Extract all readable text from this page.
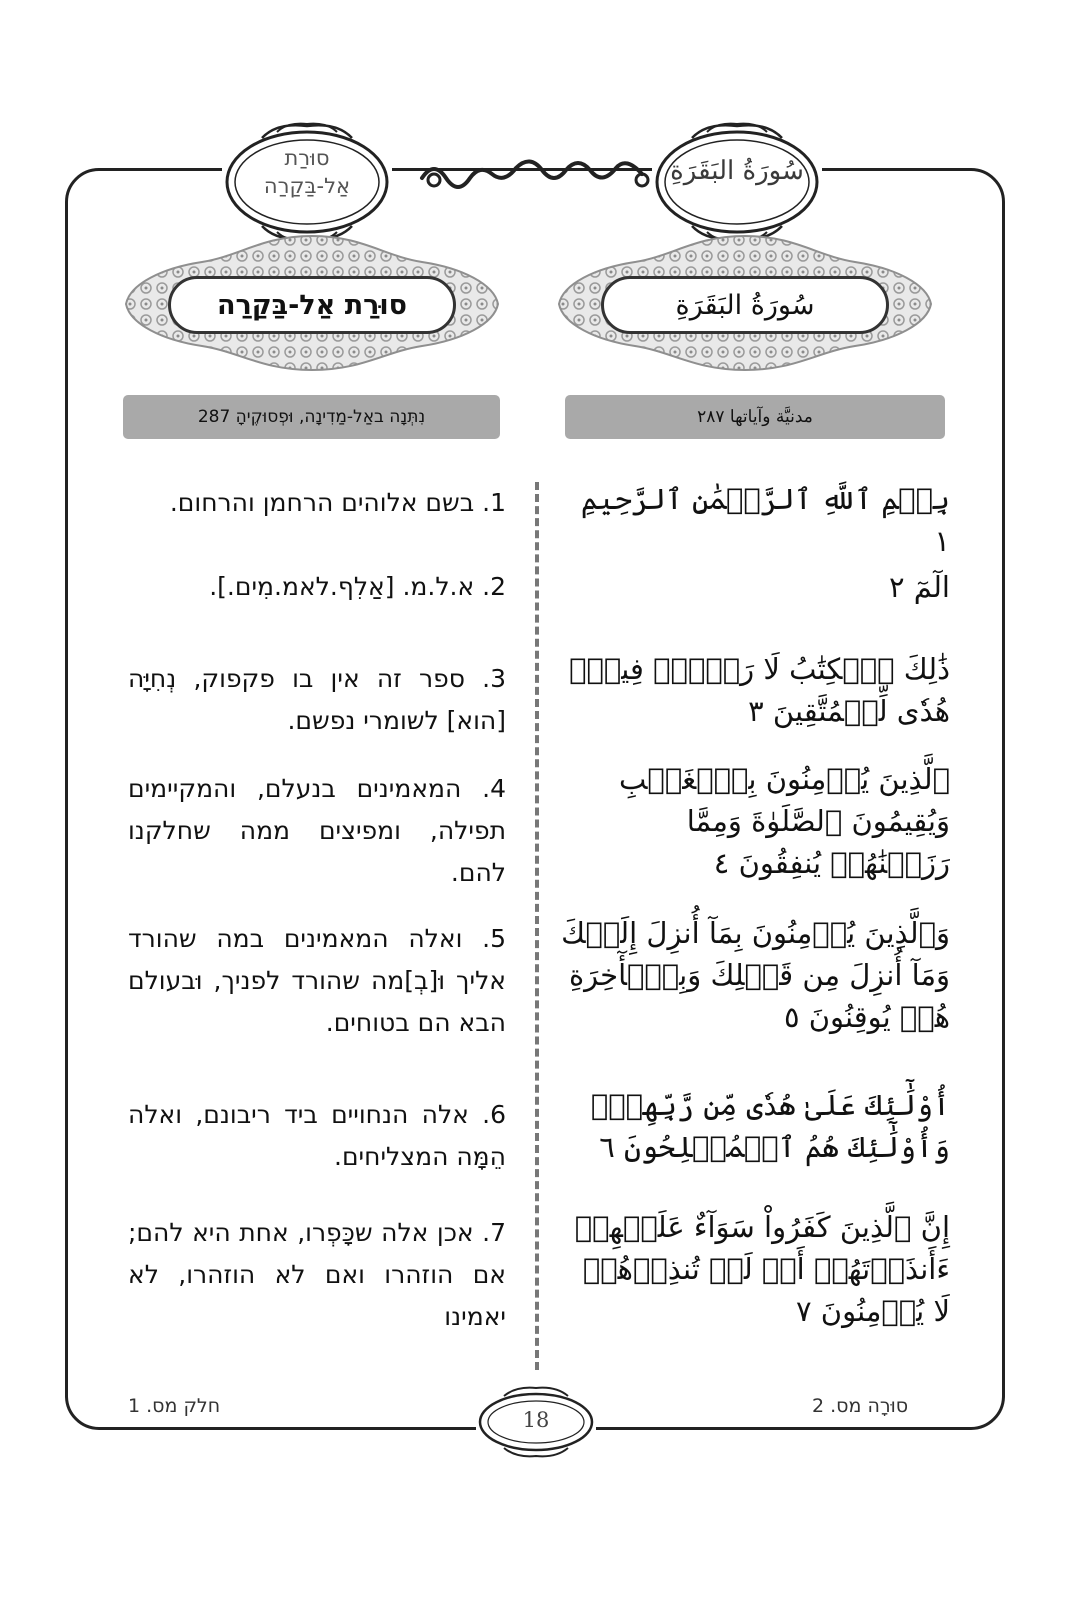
סוּרַת
אַל-בַּקַרַה	سُورَةُ البَقَرَةِ
סוּרַת אַל-בַּקַרַה	سُورَةُ البَقَرَةِ
נִתְּנָה באַל-מַדִינָה, וּפְסוּקֶיהָ 287	مدنيَّة وآياتها ٢٨٧
1. בשם אלוהים הרחמן והרחום.
2. א.ל.מ. [אַלִף.לאמ.מִים.].
3. ספר זה אין בו פקפוק, נְחִיָּה [הוא] לשומרי נפשם.
4. המאמינים בנעלם, והמקיימים תפילה, ומפיצים ממה שחלקנו להם.
5. ואלה המאמינים במה שהורד אליך וּ[בְ]מה שהורד לפניך, וּבעולם הבא הם בטוחים.
6. אלה הנחויים ביד ריבונם, ואלה הֵמָּה המצליחים.
7. אכן אלה שכָּפְרו, אחת היא להם; אם הוזהרו ואם לא הוזהרו, לא יאמינו
بِسۡمِ ٱللَّهِ ٱلرَّحۡمَٰنِ ٱلرَّحِيمِ ١
الٓمٓ ٢
ذَٰلِكَ ٱلۡكِتَٰبُ لَا رَيۡبَۛ فِيهِۛ هُدٗى لِّلۡمُتَّقِينَ ٣
ٱلَّذِينَ يُؤۡمِنُونَ بِٱلۡغَيۡبِ وَيُقِيمُونَ ٱلصَّلَوٰةَ وَمِمَّا رَزَقۡنَٰهُمۡ يُنفِقُونَ ٤
وَٱلَّذِينَ يُؤۡمِنُونَ بِمَآ أُنزِلَ إِلَيۡكَ وَمَآ أُنزِلَ مِن قَبۡلِكَ وَبِٱلۡأٓخِرَةِ هُمۡ يُوقِنُونَ ٥
أُوْلَٰٓئِكَ عَلَىٰ هُدٗى مِّن رَّبِّهِمۡۖ وَأُوْلَٰٓئِكَ هُمُ ٱلۡمُفۡلِحُونَ ٦
إِنَّ ٱلَّذِينَ كَفَرُواْ سَوَآءٌ عَلَيۡهِمۡ ءَأَنذَرۡتَهُمۡ أَمۡ لَمۡ تُنذِرۡهُمۡ لَا يُؤۡمِنُونَ ٧
חלק מס. 1	סוּרָה מס. 2
18
